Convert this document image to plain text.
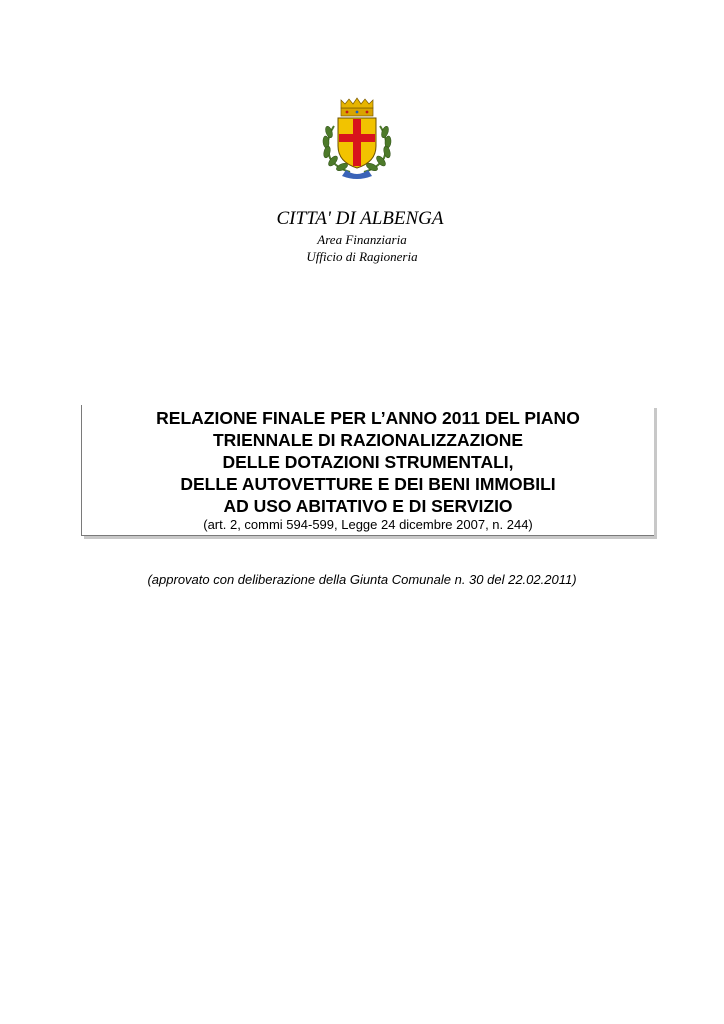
CITTA' DI ALBENGA
Area Finanziaria
Ufficio di Ragioneria
RELAZIONE FINALE PER L’ANNO 2011 DEL PIANO
TRIENNALE DI RAZIONALIZZAZIONE
DELLE DOTAZIONI STRUMENTALI,
DELLE AUTOVETTURE E DEI BENI IMMOBILI
AD USO ABITATIVO E DI SERVIZIO
(art. 2, commi 594-599, Legge 24 dicembre 2007, n. 244)
(approvato con deliberazione della Giunta Comunale n. 30 del 22.02.2011)
